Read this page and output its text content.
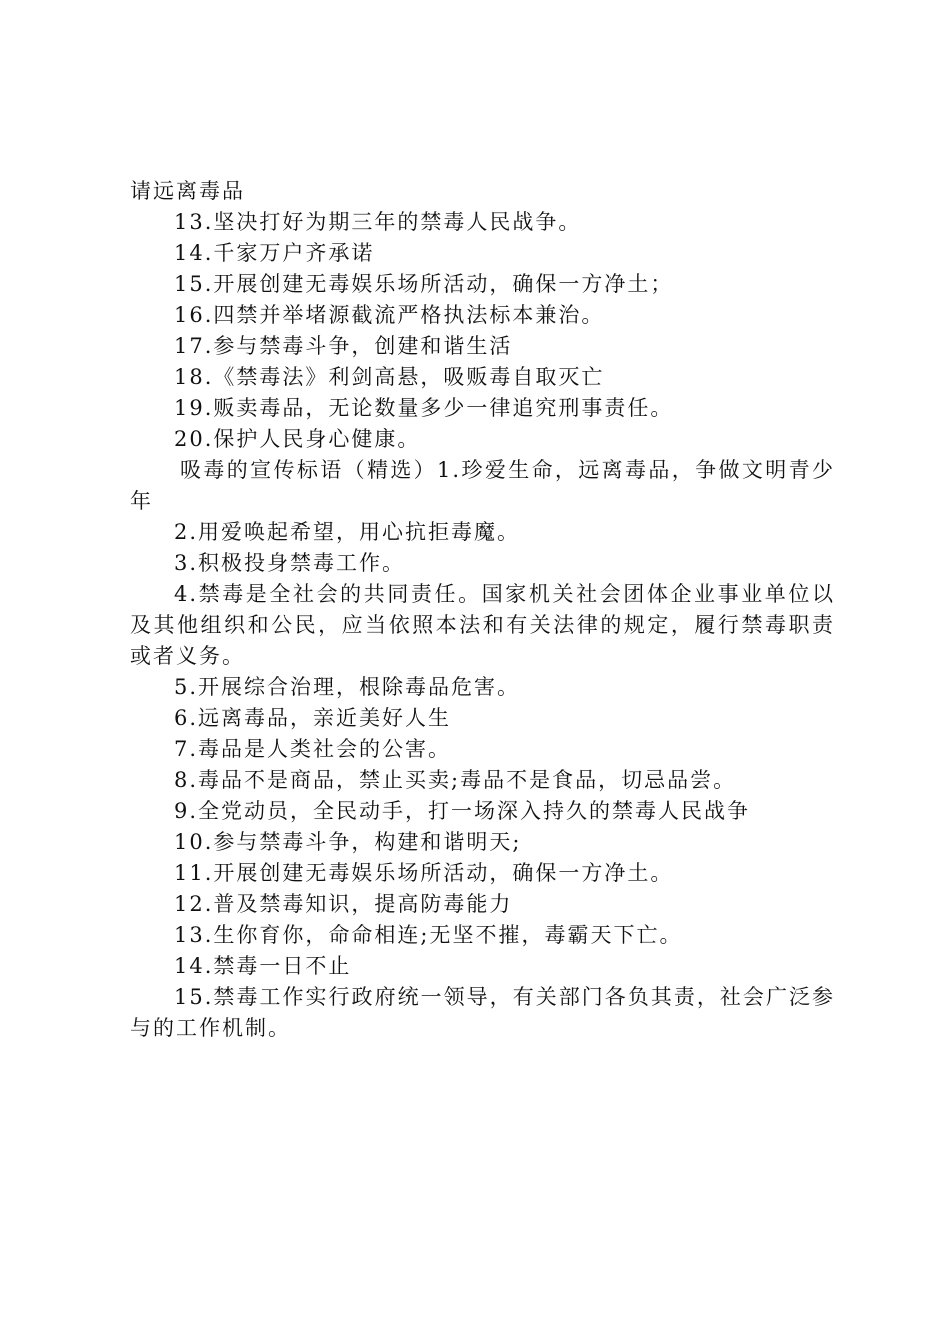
请远离毒品

13.坚决打好为期三年的禁毒人民战争。

14.千家万户齐承诺

15.开展创建无毒娱乐场所活动，确保一方净土；

16.四禁并举堵源截流严格执法标本兼治。

17.参与禁毒斗争，创建和谐生活

18.《禁毒法》利剑高悬，吸贩毒自取灭亡

19.贩卖毒品，无论数量多少一律追究刑事责任。

20.保护人民身心健康。

吸毒的宣传标语（精选）1.珍爱生命，远离毒品，争做文明青少年

2.用爱唤起希望，用心抗拒毒魔。

3.积极投身禁毒工作。

4.禁毒是全社会的共同责任。国家机关社会团体企业事业单位以及其他组织和公民，应当依照本法和有关法律的规定，履行禁毒职责或者义务。

5.开展综合治理，根除毒品危害。

6.远离毒品，亲近美好人生

7.毒品是人类社会的公害。

8.毒品不是商品，禁止买卖;毒品不是食品，切忌品尝。

9.全党动员，全民动手，打一场深入持久的禁毒人民战争

10.参与禁毒斗争，构建和谐明天;

11.开展创建无毒娱乐场所活动，确保一方净土。

12.普及禁毒知识，提高防毒能力

13.生你育你，命命相连;无坚不摧，毒霸天下亡。

14.禁毒一日不止

15.禁毒工作实行政府统一领导，有关部门各负其责，社会广泛参与的工作机制。
